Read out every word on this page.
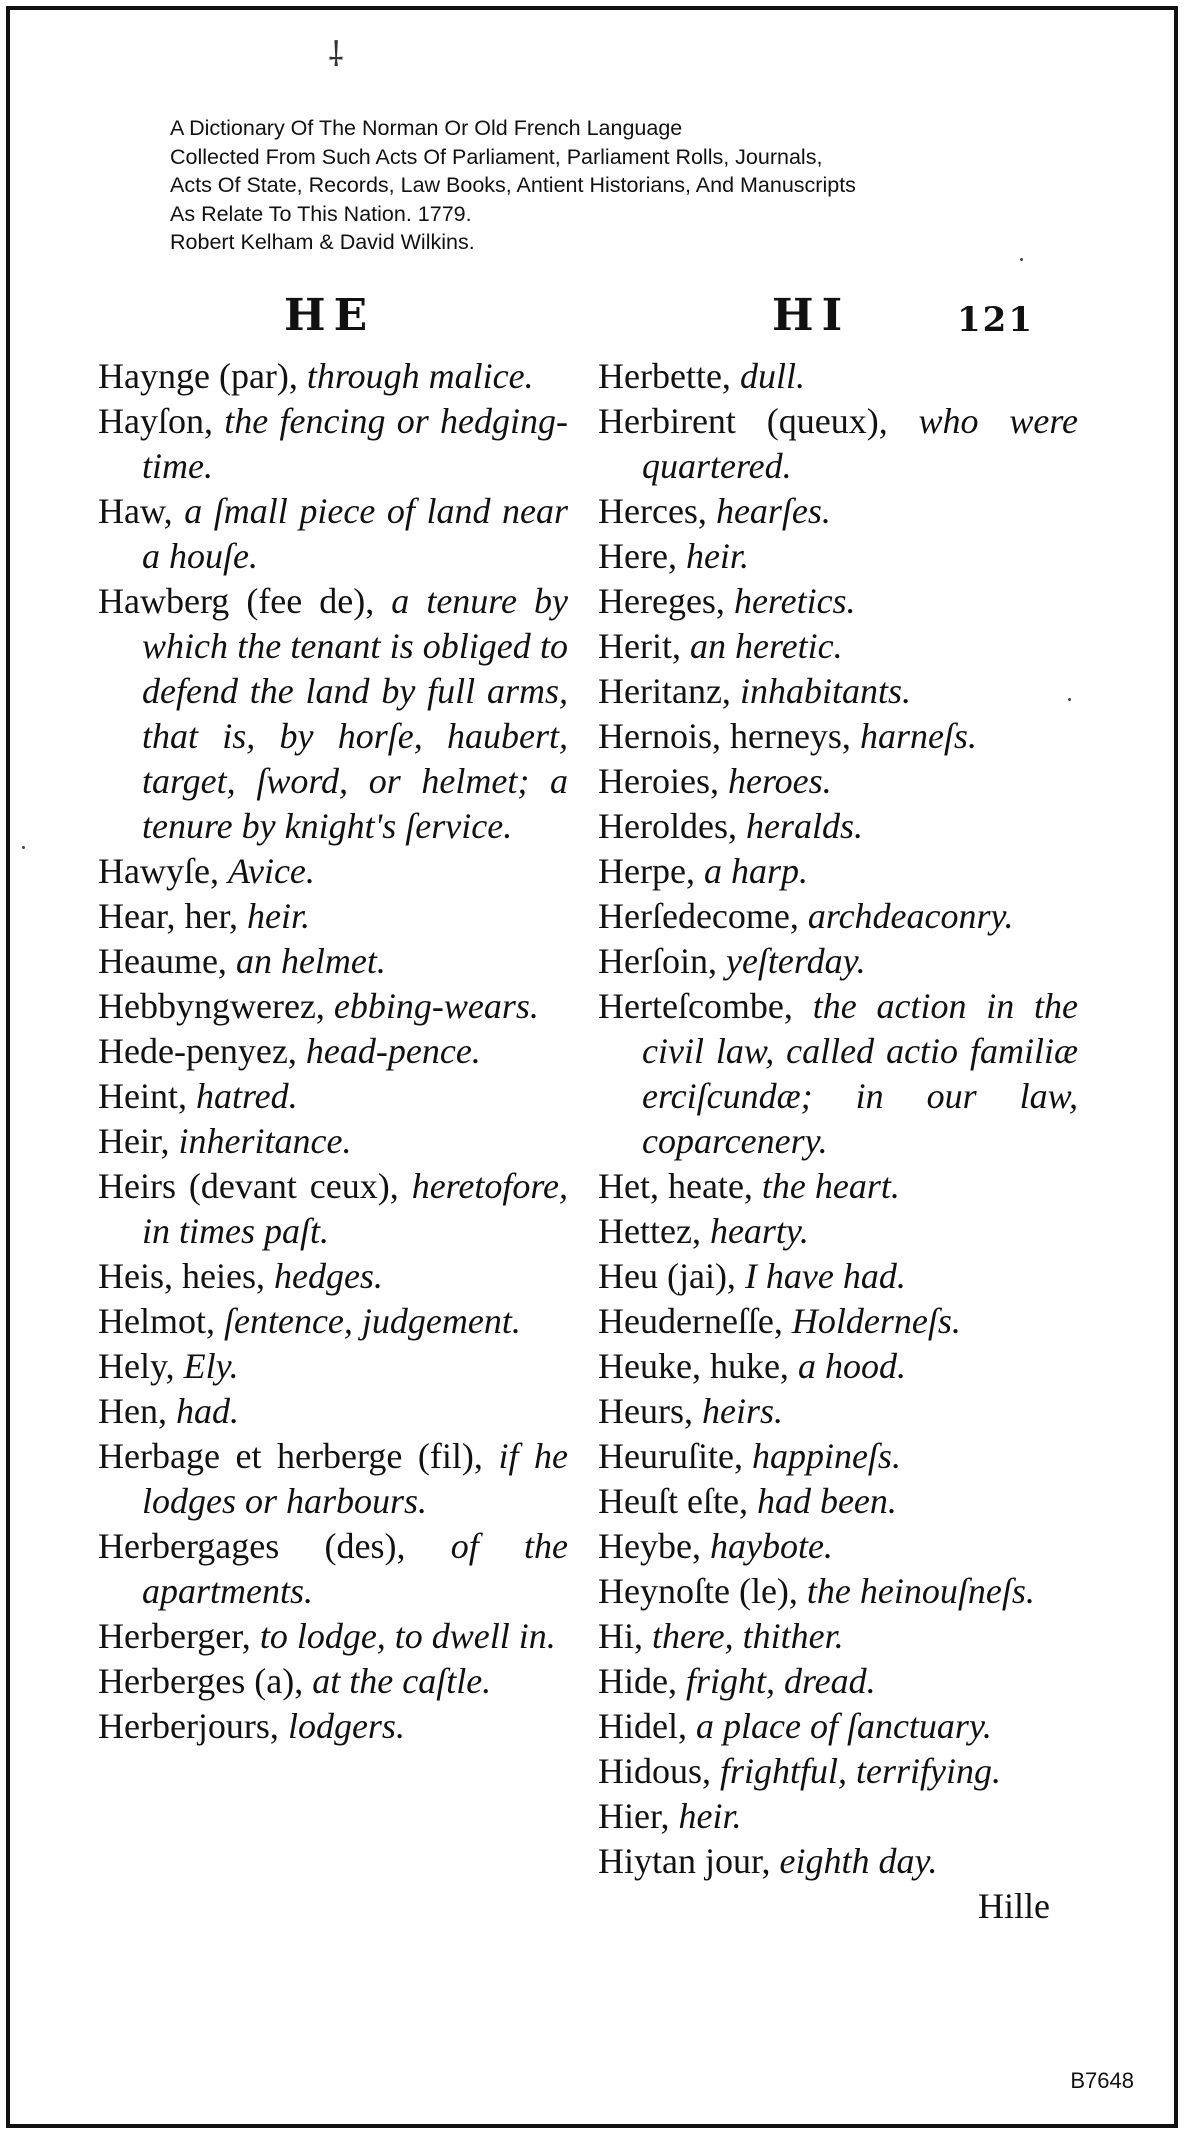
⸸
A Dictionary Of The Norman Or Old French Language
Collected From Such Acts Of Parliament, Parliament Rolls, Journals,
Acts Of State, Records, Law Books, Antient Historians, And Manuscripts
As Relate To This Nation. 1779.
Robert Kelham & David Wilkins.
HE	HI	121

Haynge (par), through malice.

Hayſon, the fencing or hedging-time.

Haw, a ſmall piece of land near a houſe.

Hawberg (fee de), a tenure by which the tenant is obliged to defend the land by full arms, that is, by horſe, haubert, target, ſword, or helmet; a tenure by knight's ſervice.

Hawyſe, Avice.

Hear, her, heir.

Heaume, an helmet.

Hebbyngwerez, ebbing-wears.

Hede-penyez, head-pence.

Heint, hatred.

Heir, inheritance.

Heirs (devant ceux), heretofore, in times paſt.

Heis, heies, hedges.

Helmot, ſentence, judgement.

Hely, Ely.

Hen, had.

Herbage et herberge (fil), if he lodges or harbours.

Herbergages (des), of the apartments.

Herberger, to lodge, to dwell in.

Herberges (a), at the caſtle.

Herberjours, lodgers.

Herbette, dull.

Herbirent (queux), who were quartered.

Herces, hearſes.

Here, heir.

Hereges, heretics.

Herit, an heretic.

Heritanz, inhabitants.

Hernois, herneys, harneſs.

Heroies, heroes.

Heroldes, heralds.

Herpe, a harp.

Herſedecome, archdeaconry.

Herſoin, yeſterday.

Herteſcombe, the action in the civil law, called actio familiæ erciſcundæ; in our law, coparcenery.

Het, heate, the heart.

Hettez, hearty.

Heu (jai), I have had.

Heuderneſſe, Holderneſs.

Heuke, huke, a hood.

Heurs, heirs.

Heuruſite, happineſs.

Heuſt eſte, had been.

Heybe, haybote.

Heynoſte (le), the heinouſneſs.

Hi, there, thither.

Hide, fright, dread.

Hidel, a place of ſanctuary.

Hidous, frightful, terrifying.

Hier, heir.

Hiytan jour, eighth day.

Hille
B7648
